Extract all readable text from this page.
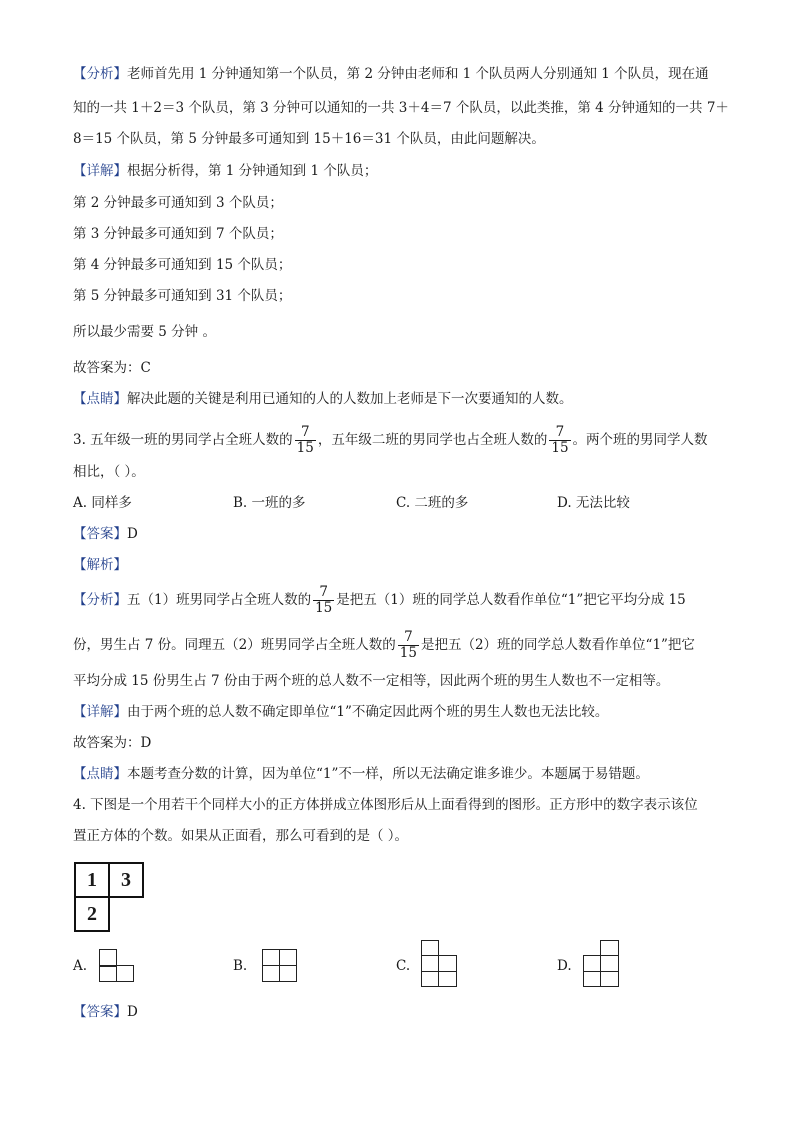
【分析】老师首先用 1 分钟通知第一个队员，第 2 分钟由老师和 1 个队员两人分别通知 1 个队员，现在通
知的一共 1＋2＝3 个队员，第 3 分钟可以通知的一共 3＋4＝7 个队员，以此类推，第 4 分钟通知的一共 7＋
8＝15 个队员，第 5 分钟最多可通知到 15＋16＝31 个队员，由此问题解决。
【详解】根据分析得，第 1 分钟通知到 1 个队员；
第 2 分钟最多可通知到 3 个队员；
第 3 分钟最多可通知到 7 个队员；
第 4 分钟最多可通知到 15 个队员；
第 5 分钟最多可通知到 31 个队员；
所以最少需要 5 分钟 。
故答案为：C
【点睛】解决此题的关键是利用已通知的人的人数加上老师是下一次要通知的人数。
3. 五年级一班的男同学占全班人数的 $\frac{7}{15}$ ，五年级二班的男同学也占全班人数的 $\frac{7}{15}$ 。两个班的男同学人数
相比，（ ）。
A. 同样多	B. 一班的多	C. 二班的多	D. 无法比较
【答案】D
【解析】
【分析】五（1）班男同学占全班人数的 $\frac{7}{15}$ 是把五（1）班的同学总人数看作单位“1”把它平均分成 15
份，男生占 7 份。同理五（2）班男同学占全班人数的 $\frac{7}{15}$ 是把五（2）班的同学总人数看作单位“1”把它
平均分成 15 份男生占 7 份由于两个班的总人数不一定相等，因此两个班的男生人数也不一定相等。
【详解】由于两个班的总人数不确定即单位“1”不确定因此两个班的男生人数也无法比较。
故答案为：D
【点睛】本题考查分数的计算，因为单位“1”不一样，所以无法确定谁多谁少。本题属于易错题。
4. 下图是一个用若干个同样大小的正方体拼成立体图形后从上面看得到的图形。正方形中的数字表示该位
置正方体的个数。如果从正面看，那么可看到的是（ ）。
1	3
2	
A.	B.	C.	D.
【答案】D
